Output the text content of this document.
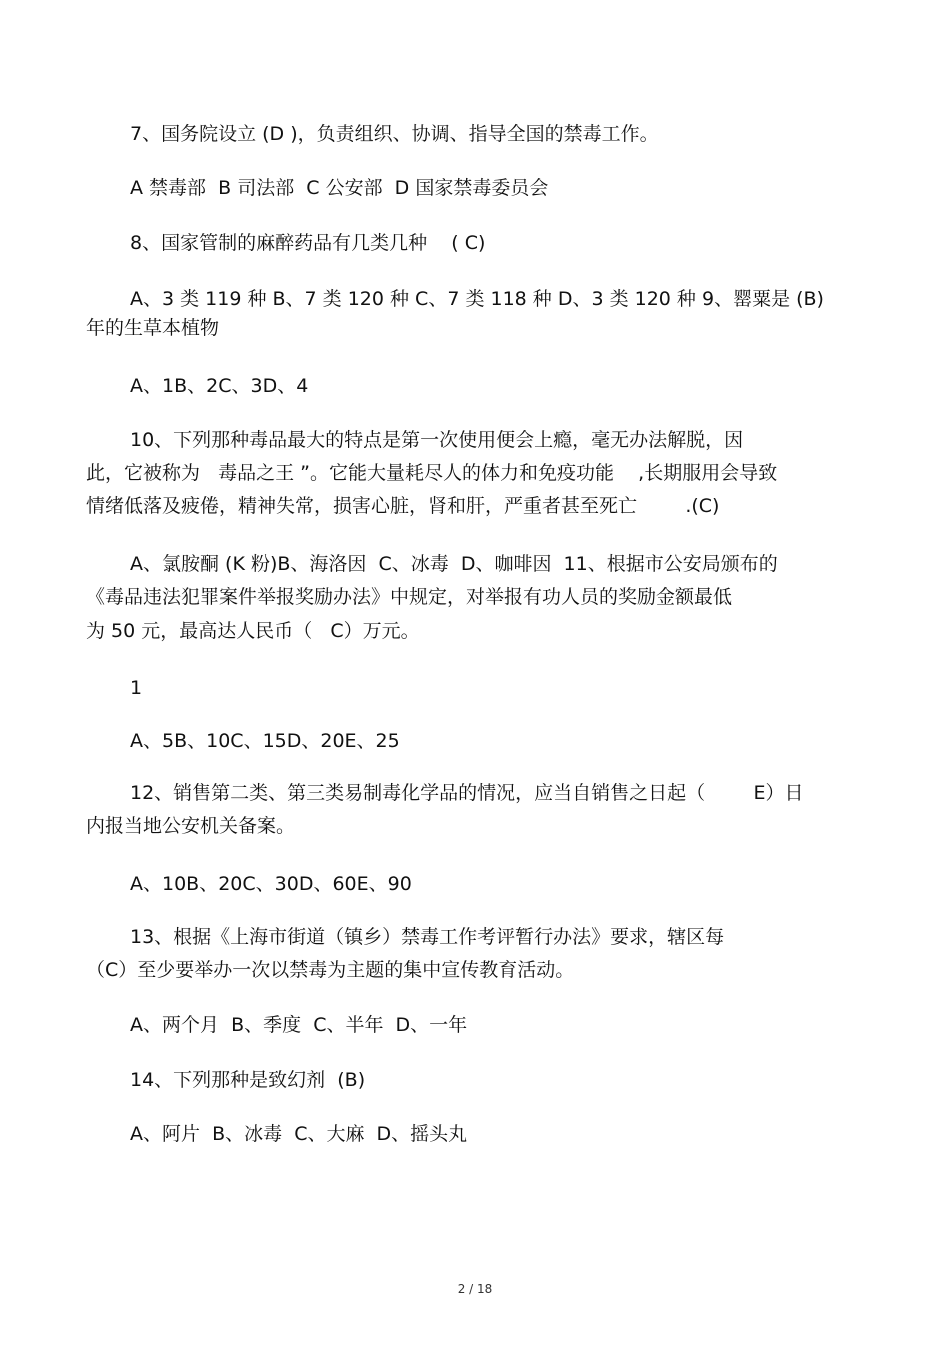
7、国务院设立 (D )，负责组织、协调、指导全国的禁毒工作。
A 禁毒部  B 司法部  C 公安部  D 国家禁毒委员会
8、国家管制的麻醉药品有几类几种    ( C)
A、3 类 119 种 B、7 类 120 种 C、7 类 118 种 D、3 类 120 种 9、罂粟是 (B)
年的生草本植物
A、1B、2C、3D、4
10、下列那种毒品最大的特点是第一次使用便会上瘾，毫无办法解脱，因
此，它被称为   毒品之王 ”。它能大量耗尽人的体力和免疫功能    ,长期服用会导致
情绪低落及疲倦，精神失常，损害心脏，肾和肝，严重者甚至死亡        .(C)
A、氯胺酮 (K 粉)B、海洛因  C、冰毒  D、咖啡因  11、根据市公安局颁布的
《毒品违法犯罪案件举报奖励办法》中规定，对举报有功人员的奖励金额最低
为 50 元，最高达人民币（   C）万元。
1
A、5B、10C、15D、20E、25
12、销售第二类、第三类易制毒化学品的情况，应当自销售之日起（        E）日
内报当地公安机关备案。
A、10B、20C、30D、60E、90
13、根据《上海市街道（镇乡）禁毒工作考评暂行办法》要求，辖区每
（C）至少要举办一次以禁毒为主题的集中宣传教育活动。
A、两个月  B、季度  C、半年  D、一年
14、下列那种是致幻剂  (B)
A、阿片  B、冰毒  C、大麻  D、摇头丸
2 / 18
